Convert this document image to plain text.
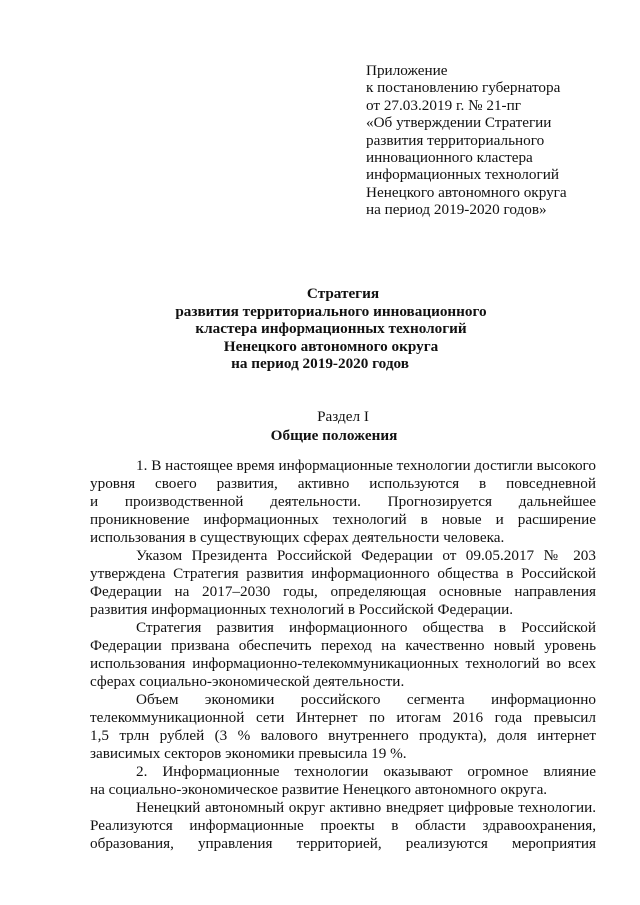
Приложение
к постановлению губернатора
от 27.03.2019 г. № 21-пг
«Об утверждении Стратегии
развития территориального
инновационного кластера
информационных технологий
Ненецкого автономного округа
на период 2019-2020 годов»
Стратегия
развития территориального инновационного
кластера информационных технологий
Ненецкого автономного округа
на период 2019-2020 годов
Раздел I
Общие положения
1. В настоящее время информационные технологии достигли высокого
уровня своего развития, активно используются в повседневной
и производственной деятельности. Прогнозируется дальнейшее
проникновение информационных технологий в новые и расширение
использования в существующих сферах деятельности человека.
Указом Президента Российской Федерации от 09.05.2017 № 203
утверждена Стратегия развития информационного общества в Российской
Федерации на 2017–2030 годы, определяющая основные направления
развития информационных технологий в Российской Федерации.
Стратегия развития информационного общества в Российской
Федерации призвана обеспечить переход на качественно новый уровень
использования информационно-телекоммуникационных технологий во всех
сферах социально-экономической деятельности.
Объем экономики российского сегмента информационно
телекоммуникационной сети Интернет по итогам 2016 года превысил
1,5 трлн рублей (3 % валового внутреннего продукта), доля интернет
зависимых секторов экономики превысила 19 %.
2. Информационные технологии оказывают огромное влияние
на социально-экономическое развитие Ненецкого автономного округа.
Ненецкий автономный округ активно внедряет цифровые технологии.
Реализуются информационные проекты в области здравоохранения,
образования, управления территорией, реализуются мероприятия
